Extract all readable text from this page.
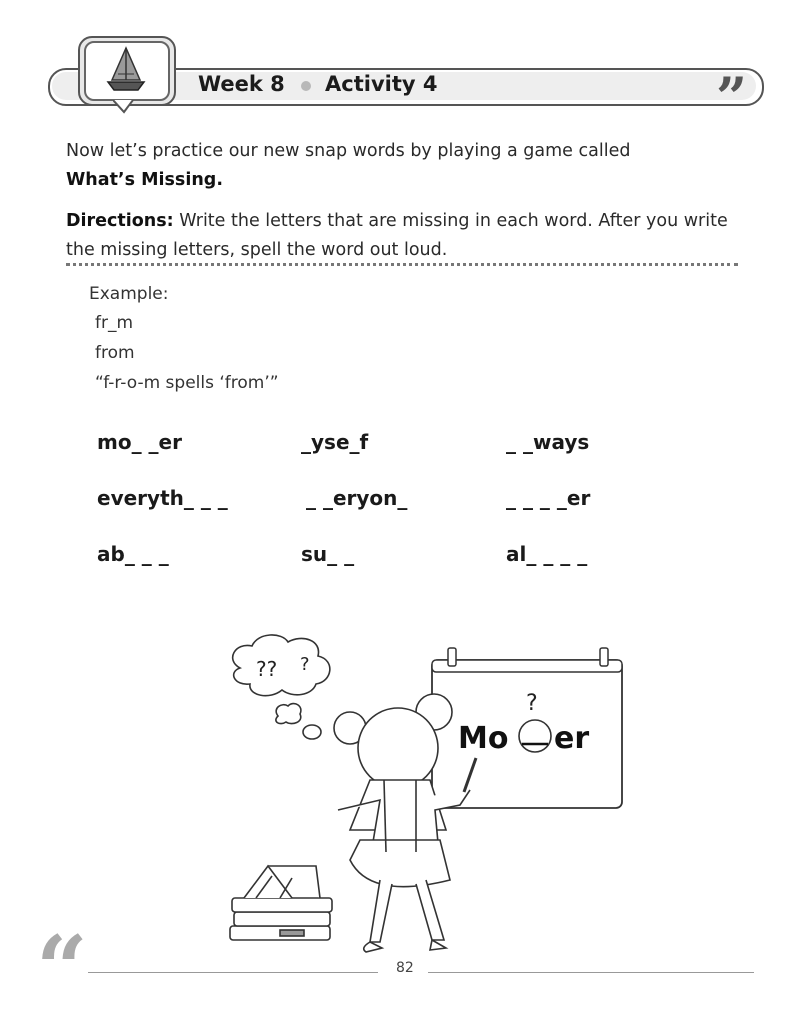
Week 8 Activity 4	”
Now let’s practice our new snap words by playing a game called
What’s Missing.
Directions: Write the letters that are missing in each word. After you write the missing letters, spell the word out loud.
Example:
fr_m
from
“f-r-o-m spells ‘from’”
mo_ _er	_yse_f	_ _ways
everyth_ _ _	_ _eryon_	_ _ _ _er
ab_ _ _	su_ _	al_ _ _ _
?? ?
Mo er
?
“	82
